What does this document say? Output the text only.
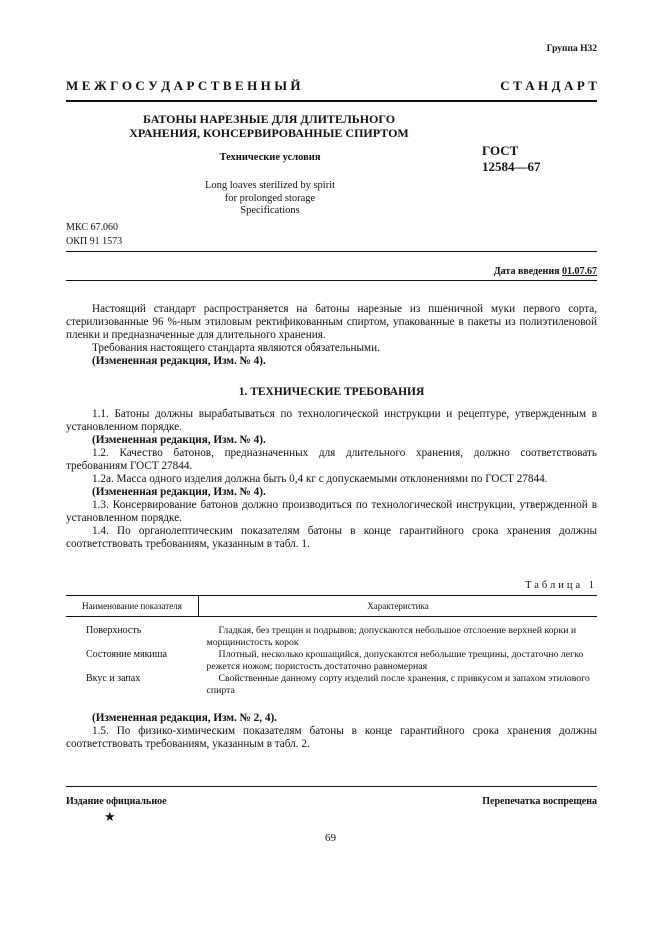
Группа Н32
М Е Ж Г О С У Д А Р С Т В Е Н Н Ы Й	С Т А Н Д А Р Т
БАТОНЫ НАРЕЗНЫЕ ДЛЯ ДЛИТЕЛЬНОГО
ХРАНЕНИЯ, КОНСЕРВИРОВАННЫЕ СПИРТОМ
Технические условия	ГОСТ
12584—67
Long loaves sterilized by spirit
for prolonged storage
Specifications
МКС 67.060
ОКП 91 1573
Дата введения 01.07.67
Настоящий стандарт распространяется на батоны нарезные из пшеничной муки первого сорта, стерилизованные 96 %-ным этиловым ректификованным спиртом, упакованные в пакеты из полиэтиленовой пленки и предназначенные для длительного хранения.
Требования настоящего стандарта являются обязательными.
(Измененная редакция, Изм. № 4).
1. ТЕХНИЧЕСКИЕ ТРЕБОВАНИЯ
1.1. Батоны должны вырабатываться по технологической инструкции и рецептуре, утвержденным в установленном порядке.
(Измененная редакция, Изм. № 4).
1.2. Качество батонов, предназначенных для длительного хранения, должно соответствовать требованиям ГОСТ 27844.
1.2а. Масса одного изделия должна быть 0,4 кг с допускаемыми отклонениями по ГОСТ 27844.
(Измененная редакция, Изм. № 4).
1.3. Консервирование батонов должно производиться по технологической инструкции, утвержденной в установленном порядке.
1.4. По органолептическим показателям батоны в конце гарантийного срока хранения должны соответствовать требованиям, указанным в табл. 1.
Таблица 1
Наименование показателя	Характеристика
Поверхность	Гладкая, без трещин и подрывов; допускаются небольшое отслоение верхней корки и морщинистость корок
Состояние мякиша	Плотный, несколько крошащийся, допускаются небольшие трещины, достаточно легко режется ножом; пористость достаточно равномерная
Вкус и запах	Свойственные данному сорту изделий после хранения, с привкусом и запахом этилового спирта
(Измененная редакция, Изм. № 2, 4).
1.5. По физико-химическим показателям батоны в конце гарантийного срока хранения должны соответствовать требованиям, указанным в табл. 2.
Издание официальное	Перепечатка воспрещена
★
69
